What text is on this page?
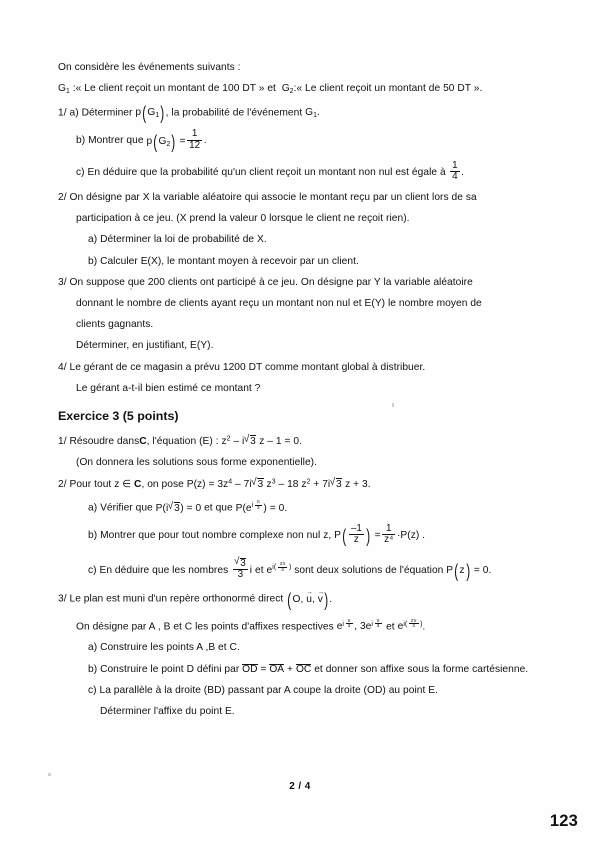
On considère les événements suivants :
$G_1$ :« Le client reçoit un montant de 100 DT » et $G_2:«$ Le client reçoit un montant de 50 DT ».
1/ a) Déterminer $p(G_1)$, la probabilité de l'événement $G_1$.
b) Montrer que $p(G_2) = \frac{1}{12}$ .
c) En déduire que la probabilité qu'un client reçoit un montant non nul est égale à $\frac{1}{4}$ .
2/ On désigne par X la variable aléatoire qui associe le montant reçu par un client lors de sa
participation à ce jeu. (X prend la valeur 0 lorsque le client ne reçoit rien).
a) Déterminer la loi de probabilité de X.
b) Calculer E(X), le montant moyen à recevoir par un client.
3/ On suppose que 200 clients ont participé à ce jeu. On désigne par Y la variable aléatoire
donnant le nombre de clients ayant reçu un montant non nul et E(Y) le nombre moyen de
clients gagnants.
Déterminer, en justifiant, E(Y).
4/ Le gérant de ce magasin a prévu 1200 DT comme montant global à distribuer.
Le gérant a-t-il bien estimé ce montant ?
Exercice 3 (5 points)
1/ Résoudre dansC, l'équation (E) : $z^2$ – i √ 3 z – 1 = 0.
(On donnera les solutions sous forme exponentielle).
2/ Pour tout z ∈ C, on pose $P(z) = 3z^4 - 7i$ √ 3 $z^3 - 18$ $z^2 + 7i$ √ 3 z + 3.
a) Vérifier que P(i √ 3) = 0 et que $P(ei \frac{\pi}{3}$ ) = 0.
b) Montrer que pour tout nombre complexe non nul z, $P( \frac{-1}{z}$ ) = $\frac{1}{\text{z⁴}} \cdot P(z)$ .
c) En déduire que les nombres √ $\frac{3}{3}$ i et $ei( \frac{2\pi}{3}$ ) sont deux solutions de l'équation P(z) = 0.
3/ Le plan est muni d'un repère orthonormé direct (O, u →, v →).
On désigne par A , B et C les points d'affixes respectives ei $\frac{\pi}{3}$ , $3ei \frac{\pi}{3}$ et $ei( \frac{2\pi}{3}$ ).
a) Construire les points A ,B et C.
b) Construire le point D défini par OD = OA + OC et donner son affixe sous la forme cartésienne.
c) La parallèle à la droite (BD) passant par A coupe la droite (OD) au point E.
Déterminer l'affixe du point E.
2 / 4
123
